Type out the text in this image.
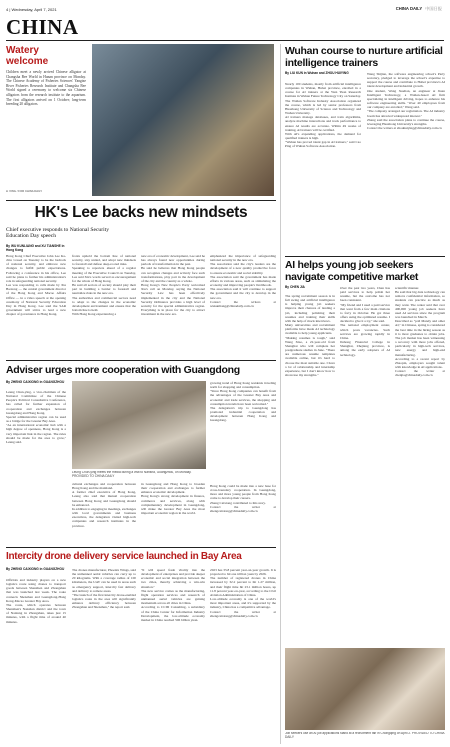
4 | Wednesday, April 7, 2021	CHINA DAILY 中国日报
CHINA
Watery
welcome
Children meet a newly arrived Chinese alligator at Changsha Bee World in Hunan province on Monday. The Chinese Academy of Fisheries Sciences' Yangtze River Fisheries Research Institute and Changsha Bee World signed a ceremony to welcome six Chinese alligators from the research institute to the aquarium. The first alligators arrived on 1 October; long-term breeding 20 alligators.
LI XING / FOR CHINA DAILY
HK's Lee backs new mindsets
Chief executive responds to National Security Education Day speech
By WU KUNLIANG and XU TIANSHE in Hong Kong
Hong Kong Chief Executive John Lee Ka-chiu vowed on Tuesday to be the bedrock of national security, and embrace new changes to fulfill public expectations. Following a conference in his office, Lee said he plans to further his administration's role in safeguarding national security.
Lee was responding to calls made by Xia Baolong — the central government director of the Hong Kong and Macao Affairs Office — in a video speech at the opening ceremony of National Security Education Day in Hong Kong. Lee said the SAR government will strive to lead a new chapter of governance in Hong Kong.
fronts uphold the bottom line of national security, stay united, and adopt new mindsets to forestall and defuse deep-rooted risks.
Speaking to reporters ahead of a regular meeting of the Executive Council on Tuesday, Lee said Xia's words served as encouragement for the whole of Hong Kong.
He said all sectors of society should play their part in building a barrier to forestall and neutralize risks in the new era.
The authorities and commercial sectors need to adapt to the changes in the economic development environment and ensure that the bottom line is held.
With Hong Kong experiencing a
new era of economic development, Lee said he has always found new opportunities during periods of transformation in the past.
He said he believes that Hong Kong people can recognize changes and actively face such transformations, play part in the development of the city and the country as a whole.
Hong Kong's New People's Party welcomed Xia's call on Monday, saying the National Security Law has been effectively implemented in the city and the National Security Ordinance provides a high level of security for the special administrative region. Everything is in place for the city to attract investment in the new era.
emphasized the importance of safeguarding national security in the new era.
The association said the city's leaders are the development of a new quality productive force to ensure economic and social stability.
The association said the government has made efforts in various areas, such as stimulating the economy and improving people's livelihoods.
The association said it will continue to support the government and the city to develop in the new era.
Contact the writers at wukunliang@chinadaily.com.cn
Adviser urges more cooperation with Guangdong
By ZHENG CAIXIONG in GUANGZHOU
Leung Chun-ying, a vice-chairman of the National Committee of the Chinese People's Political Consultative Conference, has called for further expansion of cooperation and exchanges between Guangdong and Hong Kong.
Special administrative region can be used as a bridge for the Greater Bay Area.
"As an international economic hub with a high degree of openness, Hong Kong is a very important link in the region. The rules should be made for the area to grow," Leung said.
Leung Chun-ying meets the media during a visit to Nansha, Guangzhou, on Monday. PROVIDED TO CHINA DAILY
cultural exchanges and cooperation between Hong Kong and the mainland.
A former chief executive of Hong Kong, Leung also said that mutual cooperation between Hong Kong and Guangdong should be enhanced.
In addition to engaging in meetings, exchanges with local governments and business executives, the delegation visited high-tech companies and research institutes in the province.
in Guangdong and Hong Kong to broaden their cooperation and exchanges to further enhance economic development.
Hong Kong's strong development in finance, commerce and services, along with complementary development in Guangdong, will make the Greater Bay Area the most important economic region in the world.
growing trend of Hong Kong residents traveling north for shopping and consumption.
"Since Hong Kong companies can benefit from the advantages of the Greater Bay Area and economic and trade services, the shopping and consumption trends have been welcomed."
The delegation's trip to Guangdong has promoted industrial cooperation and development between Hong Kong and Guangdong.
Hong Kong could be made into a new base for cross-boundary cooperation. In Guangdong, more and more young people from Hong Kong come to develop their careers.
Zheng Caixiong contributed to this story.
Contact the writer at zhengcaixiong@chinadaily.com.cn
Intercity drone delivery service launched in Bay Area
By ZHENG CAIXIONG in GUANGZHOU
Officials and industry players on a new logistics route using drones to transport goods between Shenzhen and Zhongshan that was launched last week. The route connects Shenzhen and Guangdong-Hong Kong-Macao Greater Bay Area.
The route, which operates between Shenzhen's Nanshan district and the town of Nanlang in Zhongshan, takes just 15 minutes, with a flight time of around 40 minutes.
The drones manufacturer, Phoenix Wings, said the unmanned aerial vehicles can carry up to 20 kilograms. With a coverage radius of 100 kilometers, the UAV can be used in areas such as emergency support, intercity fast delivery and delivery to remote areas.
"The launch of the first intercity drone-enabled logistics route in the area will significantly enhance delivery efficiency between Zhongshan and Shenzhen," the report said.
"It will speed fresh vitality into the development of enterprises and provide deeper economic and social integration between the two cities, thereby achieving a win-win situation."
The new service comes as the manufacturing, flight operation services and research of unmanned aerial vehicles are gaining momentum across all cities in China.
According to CCID Consulting, a subsidiary of the China Center for Information Industry Development, the low-altitude economy market in China reached 506 billion yuan.
2023 has 33.8 percent year-on-year growth. It is projected to hit one trillion yuan by 2026.
The number of registered drones in China increased by 32.2 percent to hit 1.27 million, and their flight time hit 23.1 million hours, up 11.8 percent year-on-year, according to the Civil Aviation Administration of China.
Low-altitude economy is one of the world's most important areas, and it's supported by the industry, China has a competitive advantage.
Contact the writer at zhengcaixiong@chinadaily.com.cn
Wuhan course to nurture artificial intelligence trainers
By LIU KUN in Wuhan and ZHOU HUIYING
Nearly 100 students, mostly from artificial intelligence companies in Wuhan, Hubei province, enrolled in a course for AI trainers at the Wen Yuan Research Institute in Wuhan Future Technology City on Saturday.
The Wuhan Software Industry Association organized the course, which is led by senior professors from Huazhong University of Science and Technology and Wuhan University.
AI trainers manage databases, and train algorithms, analyze machine interactions and track performance to ensure AI results are accurate. Within 49 weeks of training, AI trainers will be certified.
With AI's expanding applications, the demand for qualified trainers is high.
"Wuhan has proved talent gap in AI trainers," said Cao Ping of Wuhan Software Association.
Wang Shijian, the software engineering school's Party secretary, pledged to leverage the school's expertise to support the course and contribute to Hubei province's AI talent development and industrial growth.
One student, Wang Xuelian, an engineer at Jiuan Intelligent Technology, a Wuhan-based AI firm specializing in intelligent driving, hopes to enhance his software engineering skills. "Over 40 employees from our company are enrolled," Wang said.
"The company arranged our registration. The AI industry boom has attracted widespread interest."
Zhang said the association plans to continue the course, leveraging Huazhong University's strengths.
Contact the writers at zhouhuiying@chinadaily.com.cn
AI helps young job seekers navigate competitive market
By CHEN JIA
The spring recruitment season is in full swing and artificial intelligence is helping young job seekers improve their chances of landing a job, including polishing their resumes and training their skills with the help of mock interviews.
Many universities and recruitment platforms have made AI technology available to help young applicants.
"Making resumes is tough," said Wang Xiao, a 22-year-old from Shanghai who will complete her postgraduate studies in June. "There are numerous resume templates available online, but it's hard to choose the most suitable one. I have a lot of relationship and internship experience, but I don't know how to showcase my strengths."
Over the past two years, Chen has paid services to help polish her resume, but the outcome has not been consistent.
"My friend and I used a paid service that went from a few main citations to forty in October. He got three offers using the optimized resume. I decided to give it a try," she said.
The national employment center, which posts vacancies. Such services are growing rapidly in China.
Jinhong Financial College in Shanghai, Zhejiang province, is among the early adopters of AI technology.
scientific manner.
He said that big data technology can remove confidential information, so students can practice as much as they want. The center said that over 400,000 young job seekers have used AI services since the program was launched in March.
Described as "poll Mandy and other AI," in Chinese, spring is considered the best time in the hiring season as it is most graduates to obtain jobs. The job market has been witnessing a recovery with more jobs offered, particularly in high-tech services, new energy and high-end manufacturing.
According to a recent report by Zhaopin, employers sought talent with knowledge in AI applications.
Contact the writer at chenjia@chinadaily.com.cn
Job seekers use an AI job applications stand at a recruitment fair in Chongqing on April 2. PROVIDED TO CHINA DAILY
